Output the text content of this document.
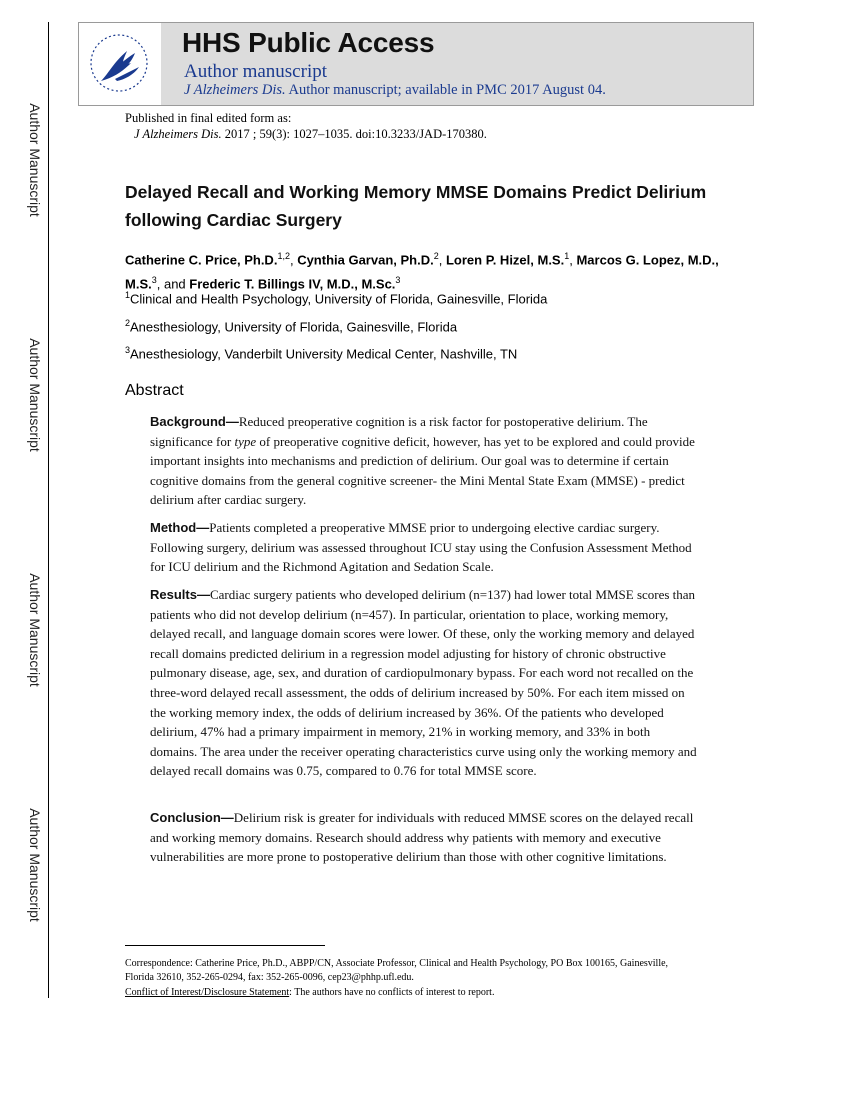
Author Manuscript
Author Manuscript
Author Manuscript
Author Manuscript
HHS Public Access
Author manuscript
J Alzheimers Dis. Author manuscript; available in PMC 2017 August 04.
Published in final edited form as:
J Alzheimers Dis. 2017 ; 59(3): 1027–1035. doi:10.3233/JAD-170380.
Delayed Recall and Working Memory MMSE Domains Predict Delirium following Cardiac Surgery
Catherine C. Price, Ph.D.$^{1,2}$, Cynthia Garvan, Ph.D.$^2$, Loren P. Hizel, M.S.$^1$, Marcos G. Lopez, M.D., M.S.$^3$, and Frederic T. Billings IV, M.D., M.Sc.$^3$
$^1$Clinical and Health Psychology, University of Florida, Gainesville, Florida
$^2$Anesthesiology, University of Florida, Gainesville, Florida
$^3$Anesthesiology, Vanderbilt University Medical Center, Nashville, TN
Abstract
Background—Reduced preoperative cognition is a risk factor for postoperative delirium. The significance for type of preoperative cognitive deficit, however, has yet to be explored and could provide important insights into mechanisms and prediction of delirium. Our goal was to determine if certain cognitive domains from the general cognitive screener- the Mini Mental State Exam (MMSE) - predict delirium after cardiac surgery.
Method—Patients completed a preoperative MMSE prior to undergoing elective cardiac surgery. Following surgery, delirium was assessed throughout ICU stay using the Confusion Assessment Method for ICU delirium and the Richmond Agitation and Sedation Scale.
Results—Cardiac surgery patients who developed delirium (n=137) had lower total MMSE scores than patients who did not develop delirium (n=457). In particular, orientation to place, working memory, delayed recall, and language domain scores were lower. Of these, only the working memory and delayed recall domains predicted delirium in a regression model adjusting for history of chronic obstructive pulmonary disease, age, sex, and duration of cardiopulmonary bypass. For each word not recalled on the three-word delayed recall assessment, the odds of delirium increased by 50%. For each item missed on the working memory index, the odds of delirium increased by 36%. Of the patients who developed delirium, 47% had a primary impairment in memory, 21% in working memory, and 33% in both domains. The area under the receiver operating characteristics curve using only the working memory and delayed recall domains was 0.75, compared to 0.76 for total MMSE score.
Conclusion—Delirium risk is greater for individuals with reduced MMSE scores on the delayed recall and working memory domains. Research should address why patients with memory and executive vulnerabilities are more prone to postoperative delirium than those with other cognitive limitations.
Correspondence: Catherine Price, Ph.D., ABPP/CN, Associate Professor, Clinical and Health Psychology, PO Box 100165, Gainesville, Florida 32610, 352-265-0294, fax: 352-265-0096, cep23@phhp.ufl.edu.
Conflict of Interest/Disclosure Statement: The authors have no conflicts of interest to report.
